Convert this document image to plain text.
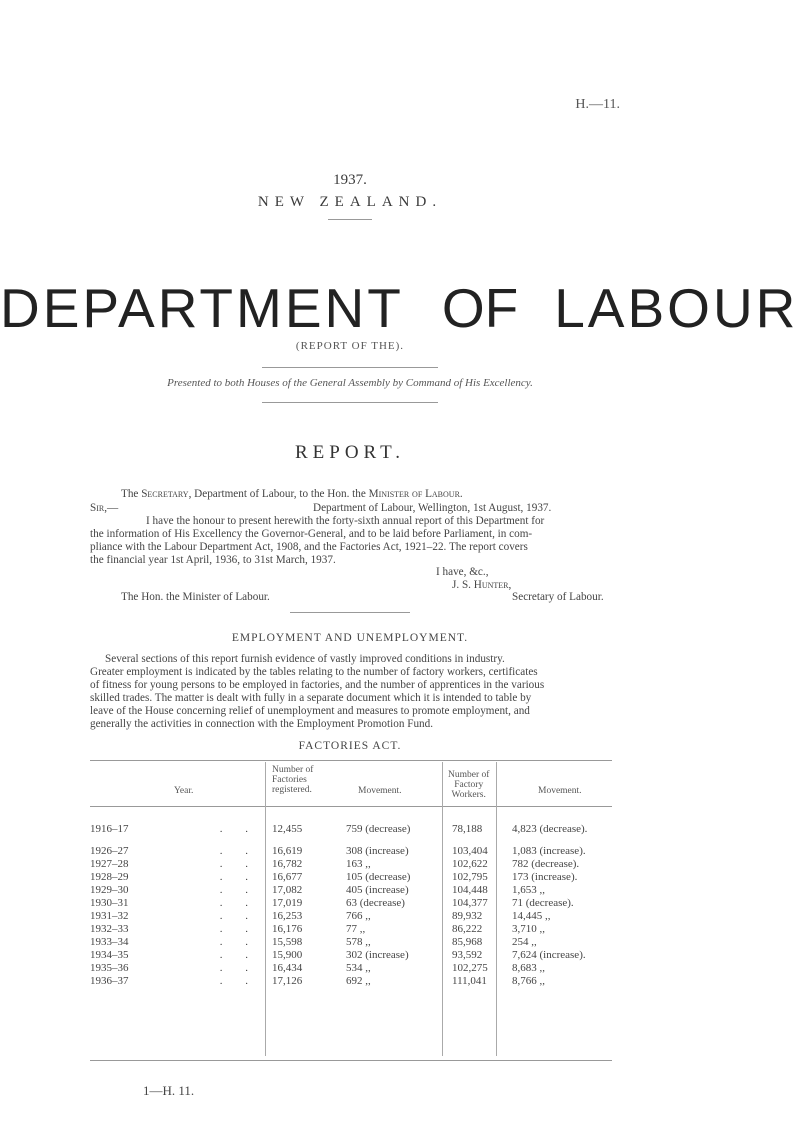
H.—11.
1937.
NEW ZEALAND.
DEPARTMENT OF LABOUR
(REPORT OF THE).
Presented to both Houses of the General Assembly by Command of His Excellency.
REPORT.
The Secretary, Department of Labour, to the Hon. the Minister of Labour.
Sir,—	Department of Labour, Wellington, 1st August, 1937.
I have the honour to present herewith the forty-sixth annual report of this Department for
the information of His Excellency the Governor-General, and to be laid before Parliament, in com-
pliance with the Labour Department Act, 1908, and the Factories Act, 1921–22. The report covers
the financial year 1st April, 1936, to 31st March, 1937.
I have, &c.,
J. S. Hunter,
The Hon. the Minister of Labour.	Secretary of Labour.
EMPLOYMENT AND UNEMPLOYMENT.
Several sections of this report furnish evidence of vastly improved conditions in industry.
Greater employment is indicated by the tables relating to the number of factory workers, certificates
of fitness for young persons to be employed in factories, and the number of apprentices in the various
skilled trades. The matter is dealt with fully in a separate document which it is intended to table by
leave of the House concerning relief of unemployment and measures to promote employment, and
generally the activities in connection with the Employment Promotion Fund.
FACTORIES ACT.
Year.
Number of
Factories
registered.	Movement.
Number of
Factory
Workers.	Movement.
1916–17	. .	12,455	759 (decrease)	78,188	4,823 (decrease).

1926–27	. .	16,619	308 (increase)	103,404	1,083 (increase).
1927–28	. .	16,782	163 ,,	102,622	782 (decrease).
1928–29	. .	16,677	105 (decrease)	102,795	173 (increase).
1929–30	. .	17,082	405 (increase)	104,448	1,653 ,,
1930–31	. .	17,019	63 (decrease)	104,377	71 (decrease).
1931–32	. .	16,253	766 ,,	89,932	14,445 ,,
1932–33	. .	16,176	77 ,,	86,222	3,710 ,,
1933–34	. .	15,598	578 ,,	85,968	254 ,,
1934–35	. .	15,900	302 (increase)	93,592	7,624 (increase).
1935–36	. .	16,434	534 ,,	102,275	8,683 ,,
1936–37	. .	17,126	692 ,,	111,041	8,766 ,,
1—H. 11.
